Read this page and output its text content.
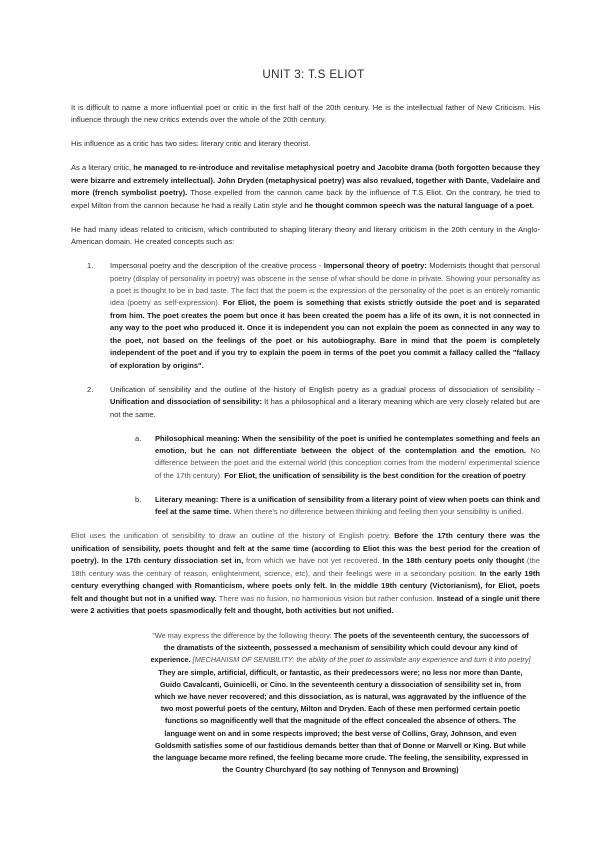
UNIT 3: T.S ELIOT

It is difficult to name a more influential poet or critic in the first half of the 20th century. He is the intellectual father of New Criticism. His influence through the new critics extends over the whole of the 20th century.

His influence as a critic has two sides: literary critic and literary theorist.

As a literary critic, he managed to re-introduce and revitalise metaphysical poetry and Jacobite drama (both forgotten because they were bizarre and extremely intellectual). John Dryden (metaphysical poetry) was also revalued, together with Dante, Vadelaire and more (french symbolist poetry). Those expelled from the cannon came back by the influence of T.S Eliot. On the contrary, he tried to expel Milton from the cannon because he had a really Latin style and he thought common speech was the natural language of a poet.

He had many ideas related to criticism, which contributed to shaping literary theory and literary criticism in the 20th century in the Anglo-American domain. He created concepts such as:

1. Impersonal poetry and the description of the creative process - Impersonal theory of poetry: Modernists thought that personal poetry (display of personality in poetry) was obscene in the sense of what should be done in private. Showing your personality as a poet is thought to be in bad taste. The fact that the poem is the expression of the personality of the poet is an entirely romantic idea (poetry as self-expression). For Eliot, the poem is something that exists strictly outside the poet and is separated from him. The poet creates the poem but once it has been created the poem has a life of its own, it is not connected in any way to the poet who produced it. Once it is independent you can not explain the poem as connected in any way to the poet, not based on the feelings of the poet or his autobiography. Bare in mind that the poem is completely independent of the poet and if you try to explain the poem in terms of the poet you commit a fallacy called the "fallacy of exploration by origins".
2. Unification of sensibility and the outline of the history of English poetry as a gradual process of dissociation of sensibility - Unification and dissociation of sensibility: It has a philosophical and a literary meaning which are very closely related but are not the same.
a. Philosophical meaning: When the sensibility of the poet is unified he contemplates something and feels an emotion, but he can not differentiate between the object of the contemplation and the emotion. No difference between the poet and the external world (this conception comes from the modern/ experimental science of the 17th century). For Eliot, the unification of sensibility is the best condition for the creation of poetry
b. Literary meaning: There is a unification of sensibility from a literary point of view when poets can think and feel at the same time. When there's no difference between thinking and feeling then your sensibility is unified.

Eliot uses the unification of sensibility to draw an outline of the history of English poetry. Before the 17th century there was the unification of sensibility, poets thought and felt at the same time (according to Eliot this was the best period for the creation of poetry). In the 17th century dissociation set in, from which we have not yet recovered. In the 18th century poets only thought (the 18th century was the century of reason, enlightenment, science, etc), and their feelings were in a secondary position. In the early 19th century everything changed with Romanticism, where poets only felt. In the middle 19th century (Victorianism), for Eliot, poets felt and thought but not in a unified way. There was no fusion, no harmonious vision but rather confusion. Instead of a single unit there were 2 activities that poets spasmodically felt and thought, both activities but not unified.

"We may express the difference by the following theory: The poets of the seventeenth century, the successors of the dramatists of the sixteenth, possessed a mechanism of sensibility which could devour any kind of experience. [MECHANISM OF SENIBILITY: the ability of the poet to assimilate any experience and turn it into poetry] They are simple, artificial, difficult, or fantastic, as their predecessors were; no less nor more than Dante, Guido Cavalcanti, Guinicelli, or Cino. In the seventeenth century a dissociation of sensibility set in, from which we have never recovered; and this dissociation, as is natural, was aggravated by the influence of the two most powerful poets of the century, Milton and Dryden. Each of these men performed certain poetic functions so magnificently well that the magnitude of the effect concealed the absence of others. The language went on and in some respects improved; the best verse of Collins, Gray, Johnson, and even Goldsmith satisfies some of our fastidious demands better than that of Donne or Marvell or King. But while the language became more refined, the feeling became more crude. The feeling, the sensibility, expressed in the Country Churchyard (to say nothing of Tennyson and Browning)
